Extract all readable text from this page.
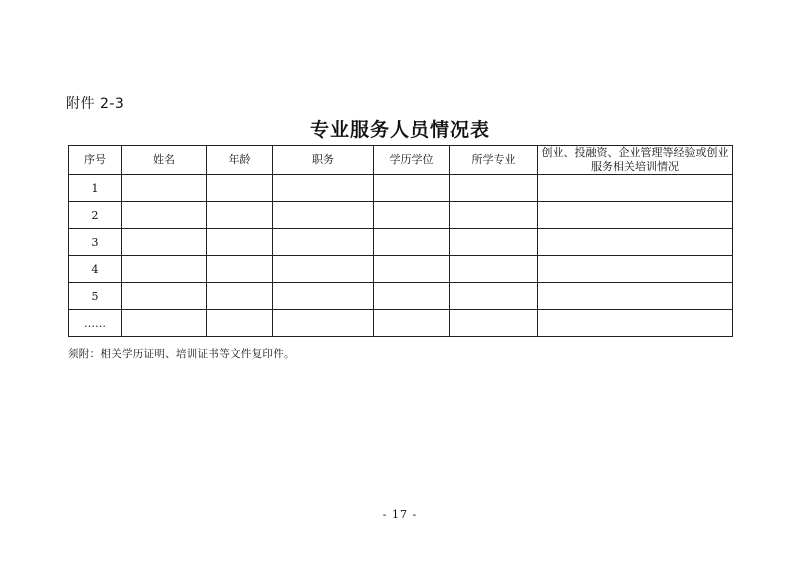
附件 2-3
专业服务人员情况表
序号	姓名	年龄	职务	学历学位	所学专业	创业、投融资、企业管理等经验或创业服务相关培训情况
1						
2						
3						
4						
5						
……						
须附：相关学历证明、培训证书等文件复印件。
- 17 -
